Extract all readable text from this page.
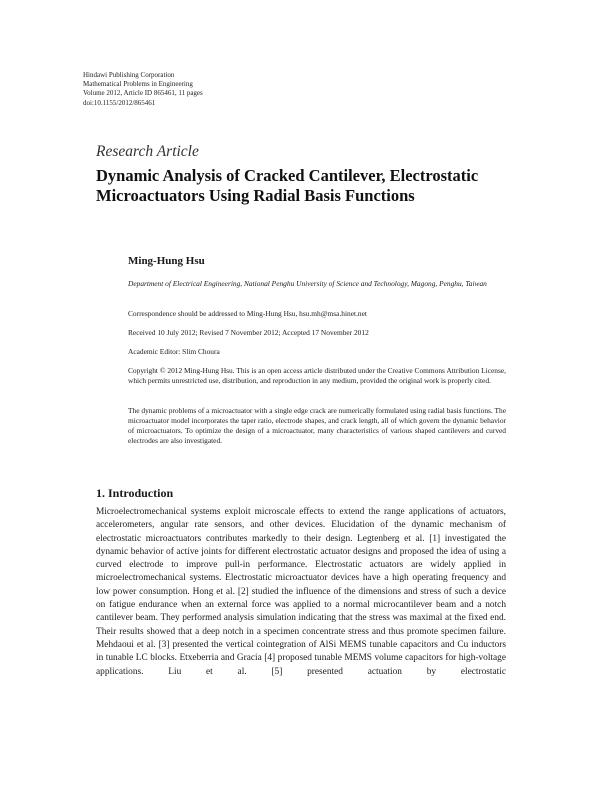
Hindawi Publishing Corporation
Mathematical Problems in Engineering
Volume 2012, Article ID 865461, 11 pages
doi:10.1155/2012/865461
Research Article
Dynamic Analysis of Cracked Cantilever, Electrostatic Microactuators Using Radial Basis Functions
Ming-Hung Hsu
Department of Electrical Engineering, National Penghu University of Science and Technology, Magong, Penghu, Taiwan
Correspondence should be addressed to Ming-Hung Hsu, hsu.mh@msa.hinet.net
Received 10 July 2012; Revised 7 November 2012; Accepted 17 November 2012
Academic Editor: Slim Choura
Copyright © 2012 Ming-Hung Hsu. This is an open access article distributed under the Creative Commons Attribution License, which permits unrestricted use, distribution, and reproduction in any medium, provided the original work is properly cited.
The dynamic problems of a microactuator with a single edge crack are numerically formulated using radial basis functions. The microactuator model incorporates the taper ratio, electrode shapes, and crack length, all of which govern the dynamic behavior of microactuators. To optimize the design of a microactuator, many characteristics of various shaped cantilevers and curved electrodes are also investigated.
1. Introduction
Microelectromechanical systems exploit microscale effects to extend the range applications of actuators, accelerometers, angular rate sensors, and other devices. Elucidation of the dynamic mechanism of electrostatic microactuators contributes markedly to their design. Legtenberg et al. [1] investigated the dynamic behavior of active joints for different electrostatic actuator designs and proposed the idea of using a curved electrode to improve pull-in performance. Electrostatic actuators are widely applied in microelectromechanical systems. Electrostatic microactuator devices have a high operating frequency and low power consumption. Hong et al. [2] studied the influence of the dimensions and stress of such a device on fatigue endurance when an external force was applied to a normal microcantilever beam and a notch cantilever beam. They performed analysis simulation indicating that the stress was maximal at the fixed end. Their results showed that a deep notch in a specimen concentrate stress and thus promote specimen failure. Mehdaoui et al. [3] presented the vertical cointegration of AlSi MEMS tunable capacitors and Cu inductors in tunable LC blocks. Etxeberria and Gracia [4] proposed tunable MEMS volume capacitors for high-voltage applications. Liu et al. [5] presented actuation by electrostatic
